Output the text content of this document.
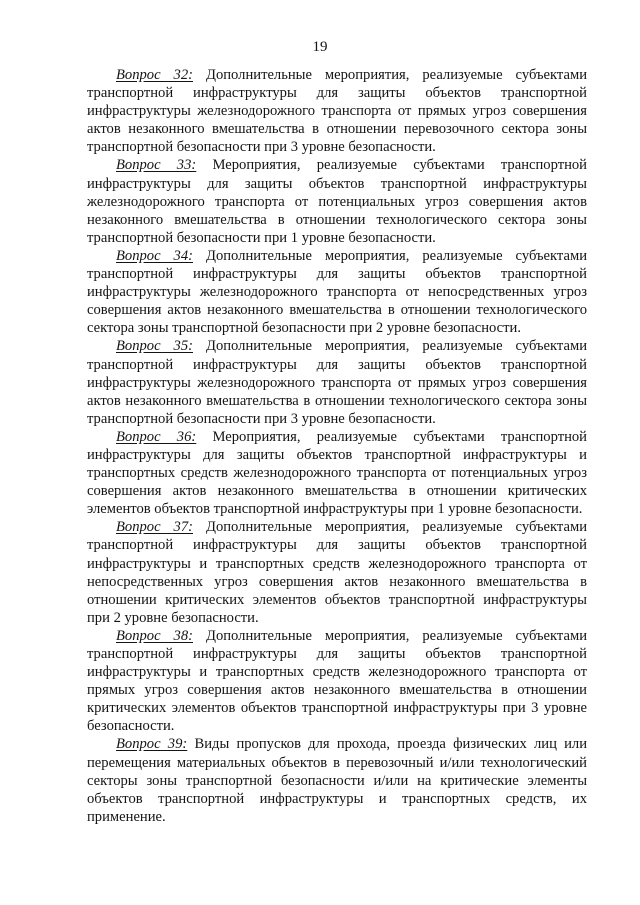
19

Вопрос 32: Дополнительные мероприятия, реализуемые субъектами транспортной инфраструктуры для защиты объектов транспортной инфраструктуры железнодорожного транспорта от прямых угроз совершения актов незаконного вмешательства в отношении перевозочного сектора зоны транспортной безопасности при 3 уровне безопасности.

Вопрос 33: Мероприятия, реализуемые субъектами транспортной инфраструктуры для защиты объектов транспортной инфраструктуры железнодорожного транспорта от потенциальных угроз совершения актов незаконного вмешательства в отношении технологического сектора зоны транспортной безопасности при 1 уровне безопасности.

Вопрос 34: Дополнительные мероприятия, реализуемые субъектами транспортной инфраструктуры для защиты объектов транспортной инфраструктуры железнодорожного транспорта от непосредственных угроз совершения актов незаконного вмешательства в отношении технологического сектора зоны транспортной безопасности при 2 уровне безопасности.

Вопрос 35: Дополнительные мероприятия, реализуемые субъектами транспортной инфраструктуры для защиты объектов транспортной инфраструктуры железнодорожного транспорта от прямых угроз совершения актов незаконного вмешательства в отношении технологического сектора зоны транспортной безопасности при 3 уровне безопасности.

Вопрос 36: Мероприятия, реализуемые субъектами транспортной инфраструктуры для защиты объектов транспортной инфраструктуры и транспортных средств железнодорожного транспорта от потенциальных угроз совершения актов незаконного вмешательства в отношении критических элементов объектов транспортной инфраструктуры при 1 уровне безопасности.

Вопрос 37: Дополнительные мероприятия, реализуемые субъектами транспортной инфраструктуры для защиты объектов транспортной инфраструктуры и транспортных средств железнодорожного транспорта от непосредственных угроз совершения актов незаконного вмешательства в отношении критических элементов объектов транспортной инфраструктуры при 2 уровне безопасности.

Вопрос 38: Дополнительные мероприятия, реализуемые субъектами транспортной инфраструктуры для защиты объектов транспортной инфраструктуры и транспортных средств железнодорожного транспорта от прямых угроз совершения актов незаконного вмешательства в отношении критических элементов объектов транспортной инфраструктуры при 3 уровне безопасности.

Вопрос 39: Виды пропусков для прохода, проезда физических лиц или перемещения материальных объектов в перевозочный и/или технологический секторы зоны транспортной безопасности и/или на критические элементы объектов транспортной инфраструктуры и транспортных средств, их применение.
